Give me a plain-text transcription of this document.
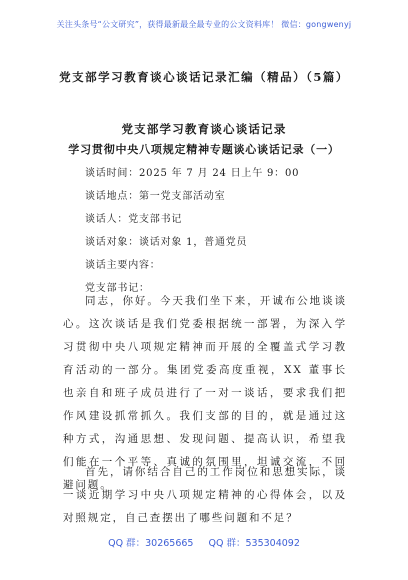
关注头条号“公文研究”，获得最新最全最专业的公文资料库！ 微信：gongwenyj
党支部学习教育谈心谈话记录汇编（精品）（5篇）
党支部学习教育谈心谈话记录
学习贯彻中央八项规定精神专题谈心谈话记录（一）
谈话时间：2025 年 7 月 24 日上午 9：00
谈话地点：第一党支部活动室
谈话人：党支部书记
谈话对象：谈话对象 1，普通党员
谈话主要内容：
党支部书记：
同志，你好。今天我们坐下来，开诚布公地谈谈心。这次谈话是我们党委根据统一部署，为深入学习贯彻中央八项规定精神而开展的全覆盖式学习教育活动的一部分。集团党委高度重视，XX 董事长也亲自和班子成员进行了一对一谈话，要求我们把作风建设抓常抓久。我们支部的目的，就是通过这种方式，沟通思想、发现问题、提高认识，希望我们能在一个平等、真诚的氛围里，坦诚交流，不回避问题。
首先，请你结合自己的工作岗位和思想实际，谈一谈近期学习中央八项规定精神的心得体会，以及对照规定，自己查摆出了哪些问题和不足？
QQ 群：30265665 QQ 群：535304092
